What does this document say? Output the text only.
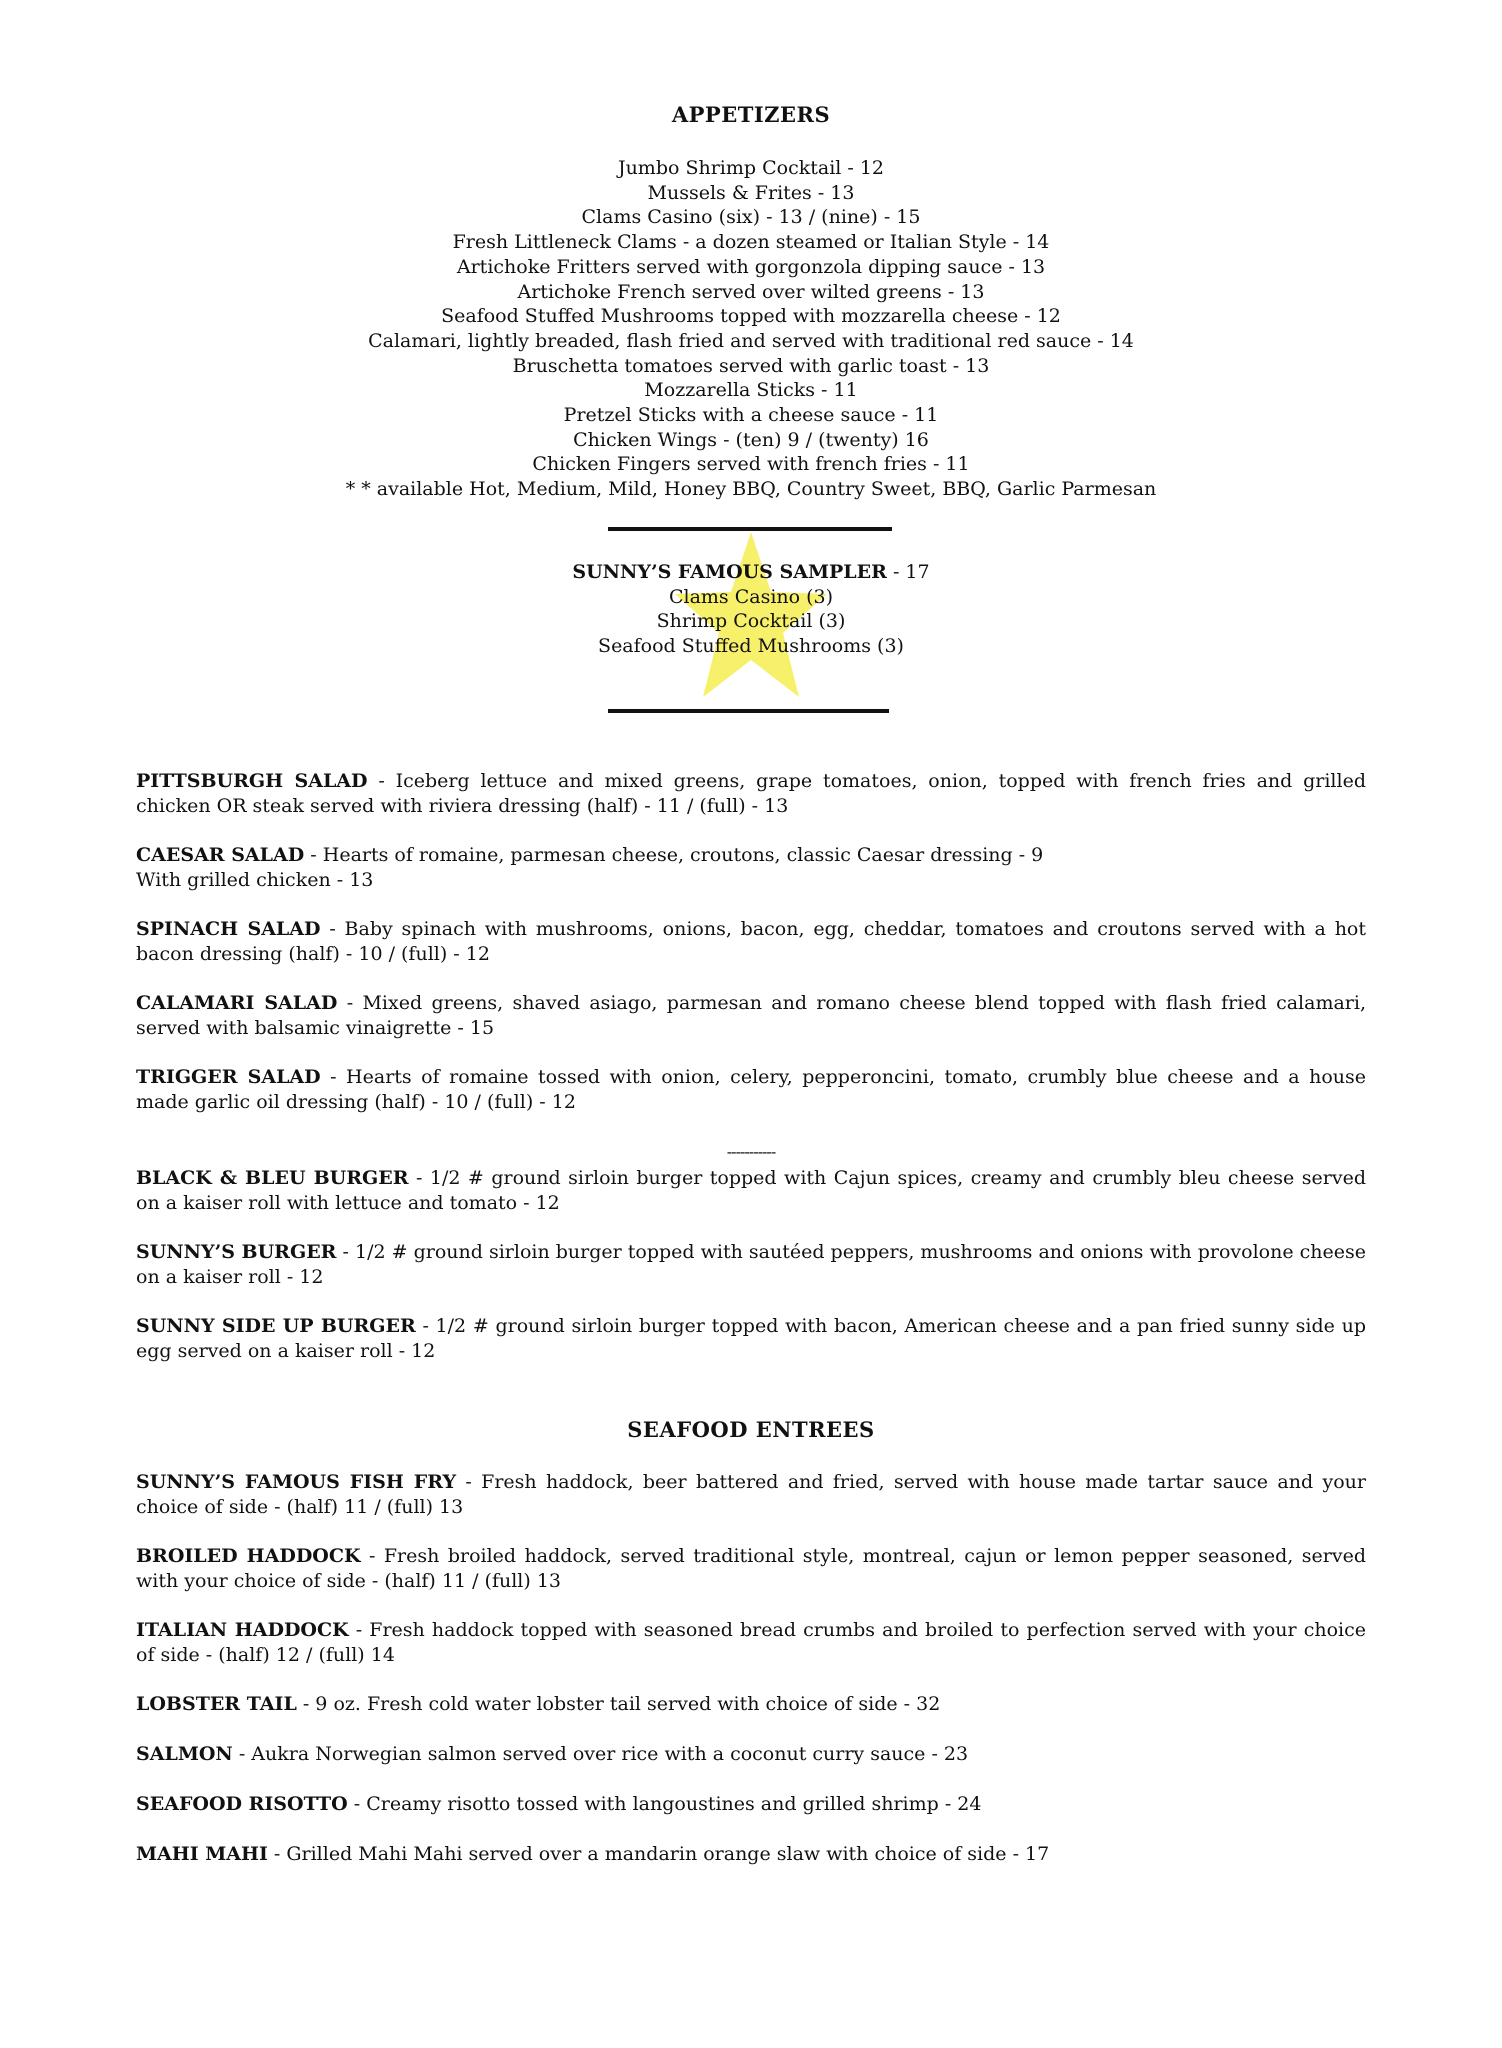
APPETIZERS
Jumbo Shrimp Cocktail - 12
Mussels & Frites - 13
Clams Casino (six) - 13 / (nine) - 15
Fresh Littleneck Clams - a dozen steamed or Italian Style - 14
Artichoke Fritters served with gorgonzola dipping sauce - 13
Artichoke French served over wilted greens - 13
Seafood Stuffed Mushrooms topped with mozzarella cheese - 12
Calamari, lightly breaded, flash fried and served with traditional red sauce - 14
Bruschetta tomatoes served with garlic toast - 13
Mozzarella Sticks - 11
Pretzel Sticks with a cheese sauce - 11
Chicken Wings - (ten) 9 / (twenty) 16
Chicken Fingers served with french fries - 11
* * available Hot, Medium, Mild, Honey BBQ, Country Sweet, BBQ, Garlic Parmesan
SUNNY’S FAMOUS SAMPLER - 17
Clams Casino (3)
Shrimp Cocktail (3)
Seafood Stuffed Mushrooms (3)
PITTSBURGH SALAD - Iceberg lettuce and mixed greens, grape tomatoes, onion, topped with french fries and grilled chicken OR steak served with riviera dressing (half) - 11 / (full) - 13
CAESAR SALAD - Hearts of romaine, parmesan cheese, croutons, classic Caesar dressing - 9
With grilled chicken - 13
SPINACH SALAD - Baby spinach with mushrooms, onions, bacon, egg, cheddar, tomatoes and croutons served with a hot bacon dressing (half) - 10 / (full) - 12
CALAMARI SALAD - Mixed greens, shaved asiago, parmesan and romano cheese blend topped with flash fried calamari, served with balsamic vinaigrette - 15
TRIGGER SALAD - Hearts of romaine tossed with onion, celery, pepperoncini, tomato, crumbly blue cheese and a house made garlic oil dressing (half) - 10 / (full) - 12
-----------
BLACK & BLEU BURGER - 1/2 # ground sirloin burger topped with Cajun spices, creamy and crumbly bleu cheese served on a kaiser roll with lettuce and tomato - 12
SUNNY’S BURGER - 1/2 # ground sirloin burger topped with sautéed peppers, mushrooms and onions with provolone cheese on a kaiser roll - 12
SUNNY SIDE UP BURGER - 1/2 # ground sirloin burger topped with bacon, American cheese and a pan fried sunny side up egg served on a kaiser roll - 12
SEAFOOD ENTREES
SUNNY’S FAMOUS FISH FRY - Fresh haddock, beer battered and fried, served with house made tartar sauce and your choice of side - (half) 11 / (full) 13
BROILED HADDOCK - Fresh broiled haddock, served traditional style, montreal, cajun or lemon pepper seasoned, served with your choice of side - (half) 11 / (full) 13
ITALIAN HADDOCK - Fresh haddock topped with seasoned bread crumbs and broiled to perfection served with your choice of side - (half) 12 / (full) 14
LOBSTER TAIL - 9 oz. Fresh cold water lobster tail served with choice of side - 32
SALMON - Aukra Norwegian salmon served over rice with a coconut curry sauce - 23
SEAFOOD RISOTTO - Creamy risotto tossed with langoustines and grilled shrimp - 24
MAHI MAHI - Grilled Mahi Mahi served over a mandarin orange slaw with choice of side - 17
